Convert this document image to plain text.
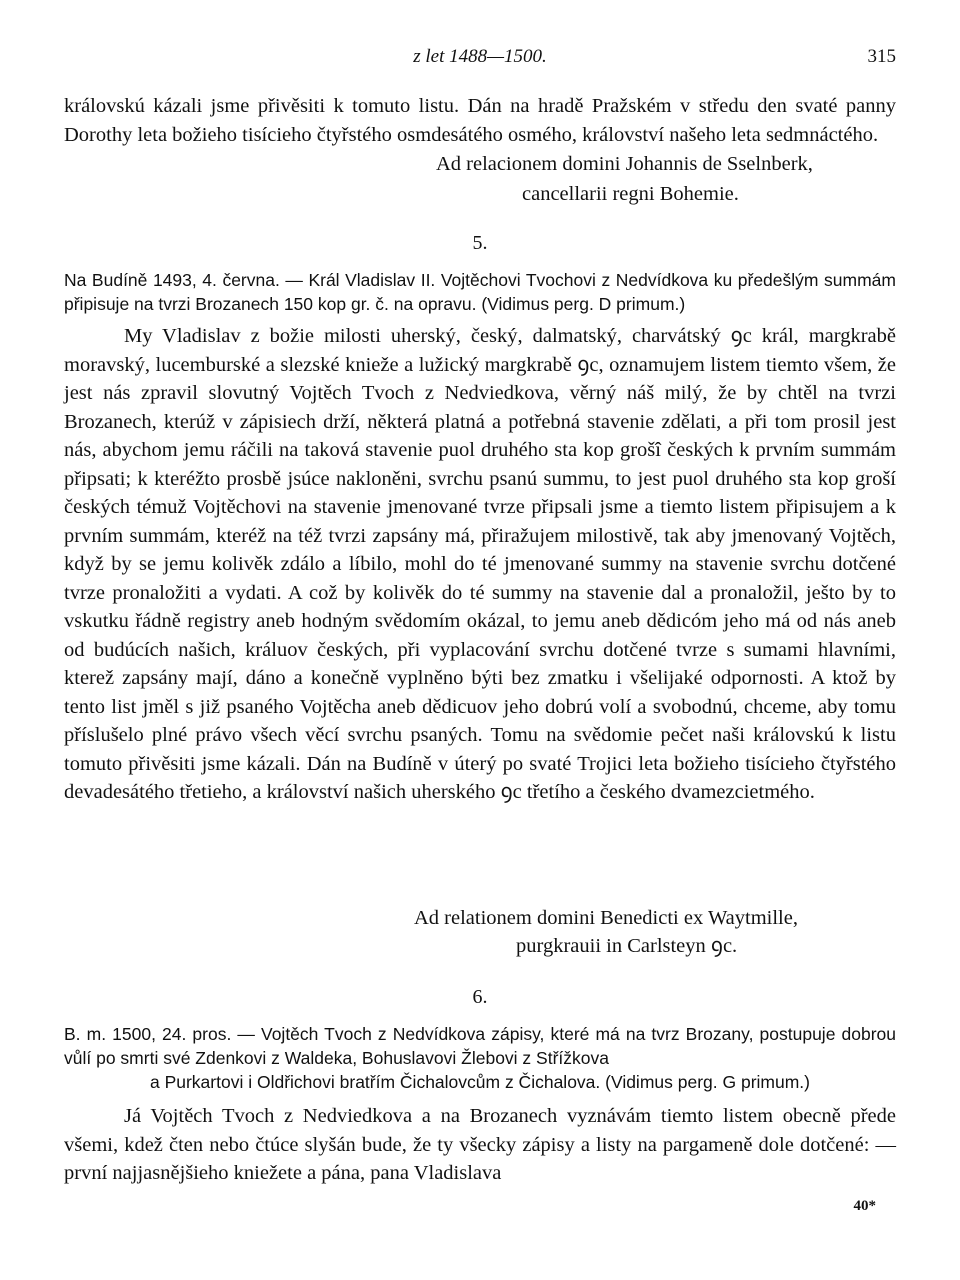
z let 1488—1500.	315

královskú kázali jsme přivěsiti k tomuto listu. Dán na hradě Pražském v středu den svaté panny Dorothy leta božieho tisícieho čtyřstého osmdesátého osmého, království našeho leta sedmnáctého.

Ad relacionem domini Johannis de Sselnberk,
cancellarii regni Bohemie.
5.

Na Budíně 1493, 4. června. — Král Vladislav II. Vojtěchovi Tvochovi z Nedvídkova ku předešlým summám připisuje na tvrzi Brozanech 150 kop gr. č. na opravu. (Vidimus perg. D primum.)

My Vladislav z božie milosti uherský, český, dalmatský, charvátský ꝯc král, margkrabě moravský, lucemburské a slezské knieže a lužický margkrabě ꝯc, oznamujem listem tiemto všem, že jest nás zpravil slovutný Vojtěch Tvoch z Nedviedkova, věrný náš milý, že by chtěl na tvrzi Brozanech, kterúž v zápisiech drží, některá platná a potřebná stavenie zdělati, a při tom prosil jest nás, abychom jemu ráčili na taková stavenie puol druhého sta kop grošî českých k prvním summám připsati; k kteréžto prosbě jsúce nakloněni, svrchu psanú summu, to jest puol druhého sta kop groší českých témuž Vojtěchovi na stavenie jmenované tvrze připsali jsme a tiemto listem připisujem a k prvním summám, kteréž na též tvrzi zapsány má, přiražujem milostivě, tak aby jmenovaný Vojtěch, když by se jemu kolivěk zdálo a líbilo, mohl do té jmenované summy na stavenie svrchu dotčené tvrze pronaložiti a vydati. A což by kolivěk do té summy na stavenie dal a pronaložil, ješto by to vskutku řádně registry aneb hodným svědomím okázal, to jemu aneb dědicóm jeho má od nás aneb od budúcích našich, králuov českých, při vyplacování svrchu dotčené tvrze s sumami hlavními, kterež zapsány mají, dáno a konečně vyplněno býti bez zmatku i všelijaké odpornosti. A ktož by tento list jměl s již psaného Vojtěcha aneb dědicuov jeho dobrú volí a svobodnú, chceme, aby tomu příslušelo plné právo všech věcí svrchu psaných. Tomu na svědomie pečet naši královskú k listu tomuto přivěsiti jsme kázali. Dán na Budíně v úterý po svaté Trojici leta božieho tisícieho čtyřstého devadesátého třetieho, a království našich uherského ꝯc třetího a českého dvamezcietmého.

Ad relationem domini Benedicti ex Waytmille,
purgkrauii in Carlsteyn ꝯc.
6.

B. m. 1500, 24. pros. — Vojtěch Tvoch z Nedvídkova zápisy, které má na tvrz Brozany, postupuje dobrou vůlí po smrti své Zdenkovi z Waldeka, Bohuslavovi Žlebovi z Střížkova

a Purkartovi i Oldřichovi bratřím Čichalovcům z Čichalova. (Vidimus perg. G primum.)

Já Vojtěch Tvoch z Nedviedkova a na Brozanech vyznávám tiemto listem obecně přede všemi, kdež čten nebo čtúce slyšán bude, že ty všecky zápisy a listy na pargameně dole dotčené: — první najjasnějšieho kniežete a pána, pana Vladislava

40*
